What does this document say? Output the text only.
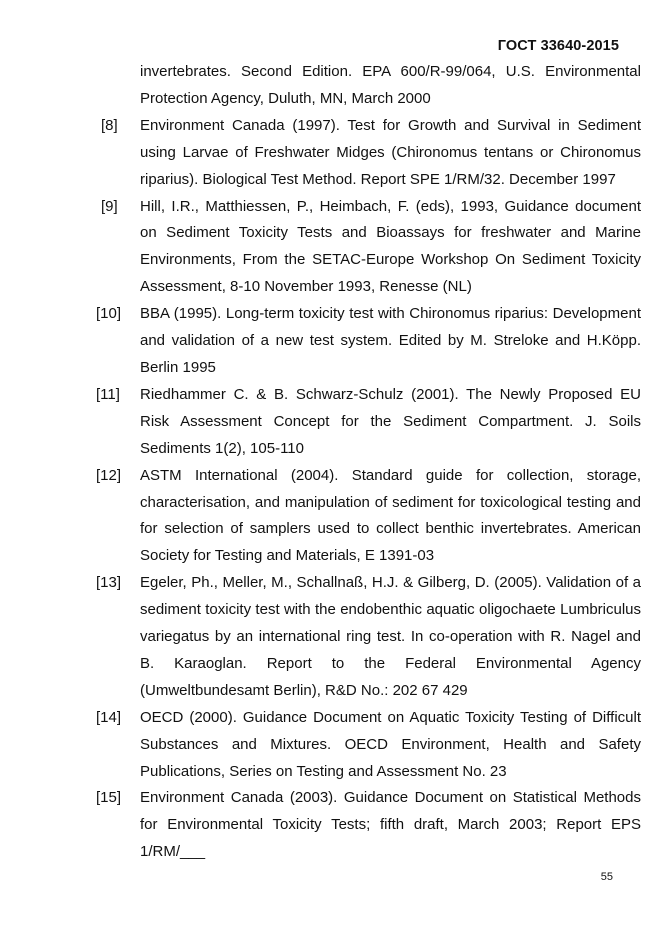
ГОСТ 33640-2015
invertebrates. Second Edition. EPA 600/R-99/064, U.S. Environmental Protection Agency, Duluth, MN, March 2000
[8]	Environment Canada (1997). Test for Growth and Survival in Sediment using Larvae of Freshwater Midges (Chironomus tentans or Chironomus riparius). Biological Test Method. Report SPE 1/RM/32. December 1997
[9]	Hill, I.R., Matthiessen, P., Heimbach, F. (eds), 1993, Guidance document on Sediment Toxicity Tests and Bioassays for freshwater and Marine Environments, From the SETAC-Europe Workshop On Sediment Toxicity Assessment, 8-10 November 1993, Renesse (NL)
[10]	BBA (1995). Long-term toxicity test with Chironomus riparius: Development and validation of a new test system. Edited by M. Streloke and H.Köpp. Berlin 1995
[11]	Riedhammer C. & B. Schwarz-Schulz (2001). The Newly Proposed EU Risk Assessment Concept for the Sediment Compartment. J. Soils Sediments 1(2), 105-110
[12]	ASTM International (2004). Standard guide for collection, storage, characterisation, and manipulation of sediment for toxicological testing and for selection of samplers used to collect benthic invertebrates. American Society for Testing and Materials, E 1391-03
[13]	Egeler, Ph., Meller, M., Schallnaß, H.J. & Gilberg, D. (2005). Validation of a sediment toxicity test with the endobenthic aquatic oligochaete Lumbriculus variegatus by an international ring test. In co-operation with R. Nagel and B. Karaoglan. Report to the Federal Environmental Agency (Umweltbundesamt Berlin), R&D No.: 202 67 429
[14]	OECD (2000). Guidance Document on Aquatic Toxicity Testing of Difficult Substances and Mixtures. OECD Environment, Health and Safety Publications, Series on Testing and Assessment No. 23
[15]	Environment Canada (2003). Guidance Document on Statistical Methods for Environmental Toxicity Tests; fifth draft, March 2003; Report EPS 1/RM/___
55
